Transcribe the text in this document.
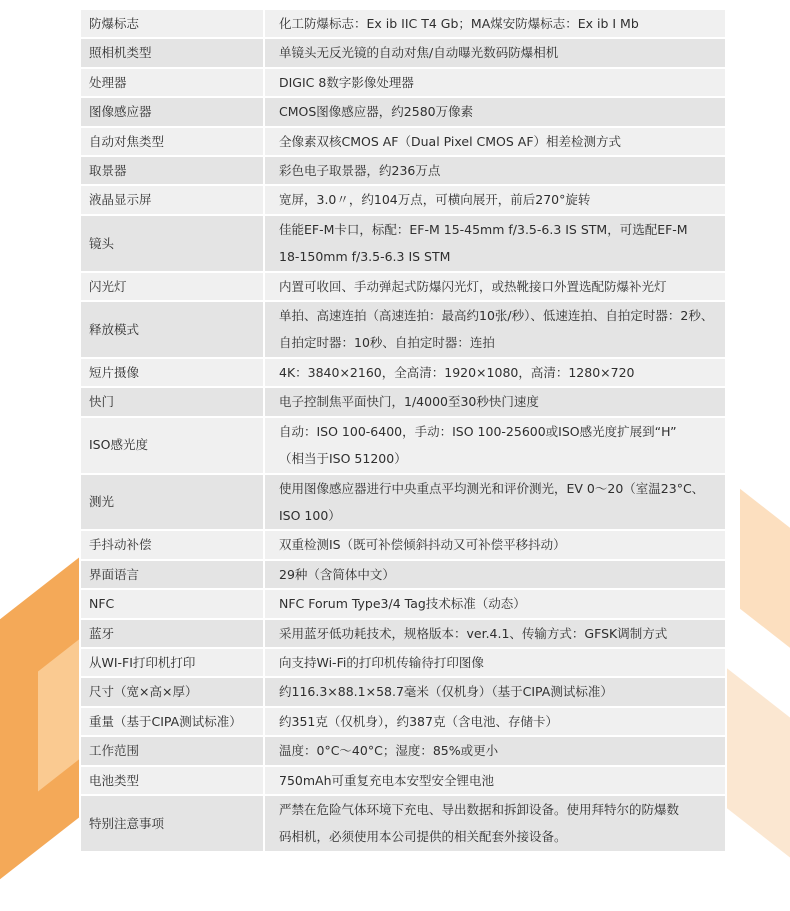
防爆标志	化工防爆标志：Ex ib IIC T4 Gb；MA煤安防爆标志：Ex ib I Mb

照相机类型	单镜头无反光镜的自动对焦/自动曝光数码防爆相机

处理器	DIGIC 8数字影像处理器

图像感应器	CMOS图像感应器，约2580万像素

自动对焦类型	全像素双核CMOS AF（Dual Pixel CMOS AF）相差检测方式

取景器	彩色电子取景器，约236万点

液晶显示屏	宽屏，3.0〃，约104万点，可横向展开，前后270°旋转

镜头	佳能EF-M卡口，标配：EF-M 15-45mm f/3.5-6.3 IS STM，可选配EF-M
18-150mm f/3.5-6.3 IS STM

闪光灯	内置可收回、手动弹起式防爆闪光灯，或热靴接口外置选配防爆补光灯

释放模式	单拍、高速连拍（高速连拍：最高约10张/秒）、低速连拍、自拍定时器：2秒、
自拍定时器：10秒、自拍定时器：连拍

短片摄像	4K：3840×2160，全高清：1920×1080，高清：1280×720

快门	电子控制焦平面快门，1/4000至30秒快门速度

ISO感光度	自动：ISO 100-6400，手动：ISO 100-25600或ISO感光度扩展到“H”
（相当于ISO 51200）

测光	使用图像感应器进行中央重点平均测光和评价测光，EV 0～20（室温23°C、
ISO 100）

手抖动补偿	双重检测IS（既可补偿倾斜抖动又可补偿平移抖动）

界面语言	29种（含简体中文）

NFC	NFC Forum Type3/4 Tag技术标准（动态）

蓝牙	采用蓝牙低功耗技术，规格版本：ver.4.1、传输方式：GFSK调制方式

从WI-FI打印机打印	向支持Wi-Fi的打印机传输待打印图像

尺寸（宽×高×厚）	约116.3×88.1×58.7毫米（仅机身）（基于CIPA测试标准）

重量（基于CIPA测试标准）	约351克（仅机身），约387克（含电池、存储卡）

工作范围	温度：0°C～40°C；湿度：85%或更小

电池类型	750mAh可重复充电本安型安全锂电池

特别注意事项	严禁在危险气体环境下充电、导出数据和拆卸设备。使用拜特尔的防爆数
码相机，必须使用本公司提供的相关配套外接设备。
